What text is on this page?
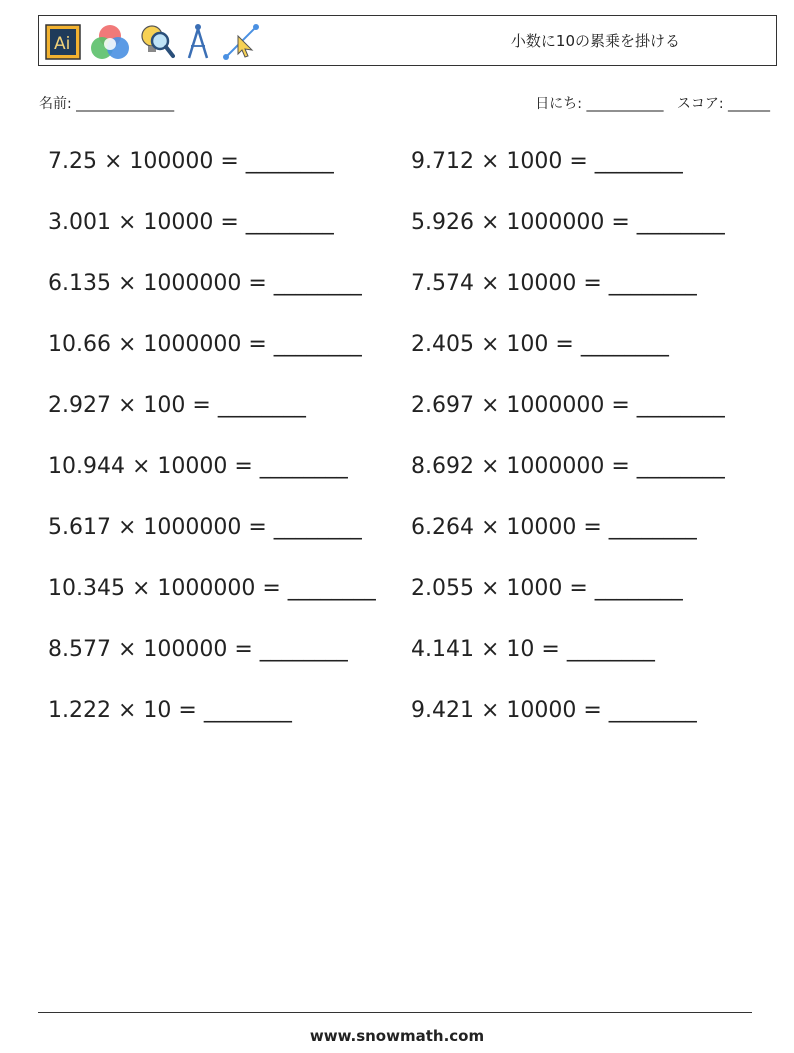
Ai	小数に10の累乗を掛ける
名前: ______________	日にち: ___________ スコア: ______
7.25 × 100000 = ________
3.001 × 10000 = ________
6.135 × 1000000 = ________
10.66 × 1000000 = ________
2.927 × 100 = ________
10.944 × 10000 = ________
5.617 × 1000000 = ________
10.345 × 1000000 = ________
8.577 × 100000 = ________
1.222 × 10 = ________
9.712 × 1000 = ________
5.926 × 1000000 = ________
7.574 × 10000 = ________
2.405 × 100 = ________
2.697 × 1000000 = ________
8.692 × 1000000 = ________
6.264 × 10000 = ________
2.055 × 1000 = ________
4.141 × 10 = ________
9.421 × 10000 = ________
www.snowmath.com
